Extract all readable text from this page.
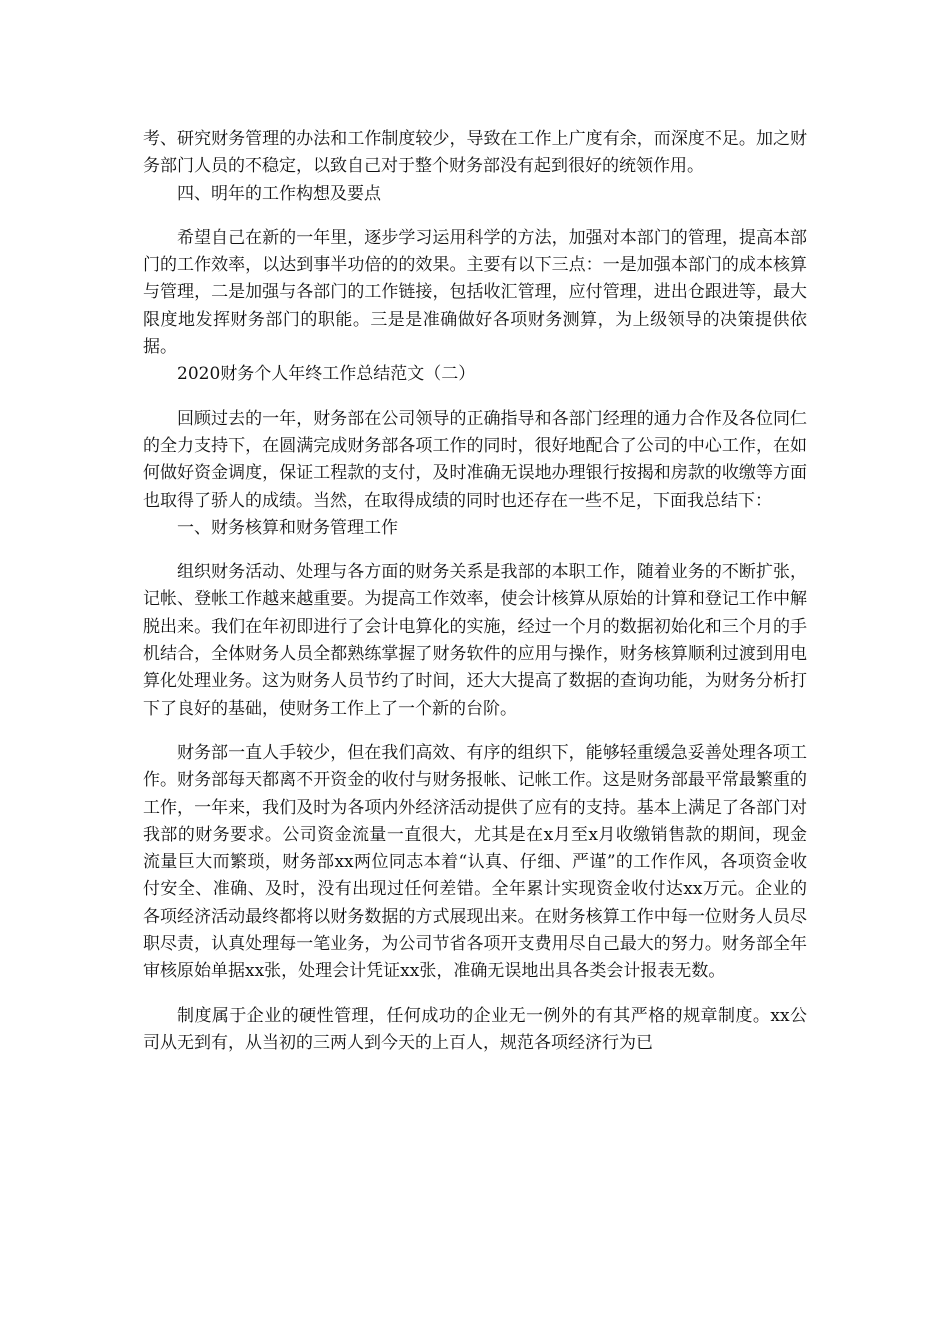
考、研究财务管理的办法和工作制度较少，导致在工作上广度有余，而深度不足。加之财务部门人员的不稳定，以致自己对于整个财务部没有起到很好的统领作用。

四、明年的工作构想及要点

希望自己在新的一年里，逐步学习运用科学的方法，加强对本部门的管理，提高本部门的工作效率，以达到事半功倍的的效果。主要有以下三点：一是加强本部门的成本核算与管理，二是加强与各部门的工作链接，包括收汇管理，应付管理，进出仓跟进等，最大限度地发挥财务部门的职能。三是是准确做好各项财务测算，为上级领导的决策提供依据。

2020财务个人年终工作总结范文（二）

回顾过去的一年，财务部在公司领导的正确指导和各部门经理的通力合作及各位同仁的全力支持下，在圆满完成财务部各项工作的同时，很好地配合了公司的中心工作，在如何做好资金调度，保证工程款的支付，及时准确无误地办理银行按揭和房款的收缴等方面也取得了骄人的成绩。当然，在取得成绩的同时也还存在一些不足，下面我总结下：

一、财务核算和财务管理工作

组织财务活动、处理与各方面的财务关系是我部的本职工作，随着业务的不断扩张，记帐、登帐工作越来越重要。为提高工作效率，使会计核算从原始的计算和登记工作中解脱出来。我们在年初即进行了会计电算化的实施，经过一个月的数据初始化和三个月的手机结合，全体财务人员全都熟练掌握了财务软件的应用与操作，财务核算顺利过渡到用电算化处理业务。这为财务人员节约了时间，还大大提高了数据的查询功能，为财务分析打下了良好的基础，使财务工作上了一个新的台阶。

财务部一直人手较少，但在我们高效、有序的组织下，能够轻重缓急妥善处理各项工作。财务部每天都离不开资金的收付与财务报帐、记帐工作。这是财务部最平常最繁重的工作，一年来，我们及时为各项内外经济活动提供了应有的支持。基本上满足了各部门对我部的财务要求。公司资金流量一直很大，尤其是在x月至x月收缴销售款的期间，现金流量巨大而繁琐，财务部xx两位同志本着“认真、仔细、严谨”的工作作风，各项资金收付安全、准确、及时，没有出现过任何差错。全年累计实现资金收付达xx万元。企业的各项经济活动最终都将以财务数据的方式展现出来。在财务核算工作中每一位财务人员尽职尽责，认真处理每一笔业务，为公司节省各项开支费用尽自己最大的努力。财务部全年审核原始单据xx张，处理会计凭证xx张，准确无误地出具各类会计报表无数。

制度属于企业的硬性管理，任何成功的企业无一例外的有其严格的规章制度。xx公司从无到有，从当初的三两人到今天的上百人，规范各项经济行为已
